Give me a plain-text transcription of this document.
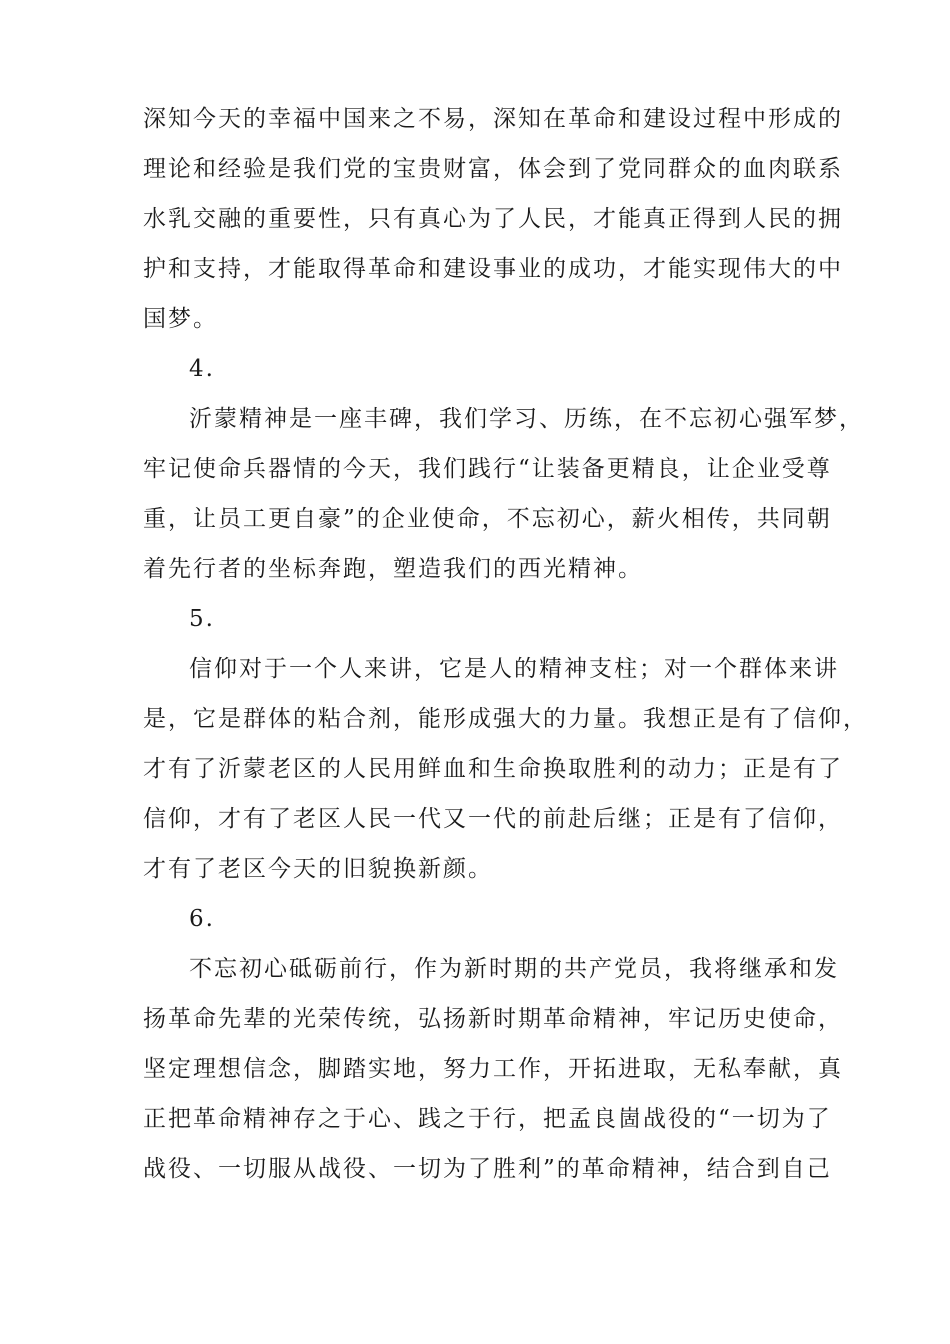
深知今天的幸福中国来之不易，深知在革命和建设过程中形成的
理论和经验是我们党的宝贵财富，体会到了党同群众的血肉联系
水乳交融的重要性，只有真心为了人民，才能真正得到人民的拥
护和支持，才能取得革命和建设事业的成功，才能实现伟大的中
国梦。
4.
沂蒙精神是一座丰碑，我们学习、历练，在不忘初心强军梦，
牢记使命兵器情的今天，我们践行“让装备更精良，让企业受尊
重，让员工更自豪”的企业使命，不忘初心，薪火相传，共同朝
着先行者的坐标奔跑，塑造我们的西光精神。
5.
信仰对于一个人来讲，它是人的精神支柱；对一个群体来讲
是，它是群体的粘合剂，能形成强大的力量。我想正是有了信仰，
才有了沂蒙老区的人民用鲜血和生命换取胜利的动力；正是有了
信仰，才有了老区人民一代又一代的前赴后继；正是有了信仰，
才有了老区今天的旧貌换新颜。
6.
不忘初心砥砺前行，作为新时期的共产党员，我将继承和发
扬革命先辈的光荣传统，弘扬新时期革命精神，牢记历史使命，
坚定理想信念，脚踏实地，努力工作，开拓进取，无私奉献，真
正把革命精神存之于心、践之于行，把孟良崮战役的“一切为了
战役、一切服从战役、一切为了胜利”的革命精神，结合到自己
